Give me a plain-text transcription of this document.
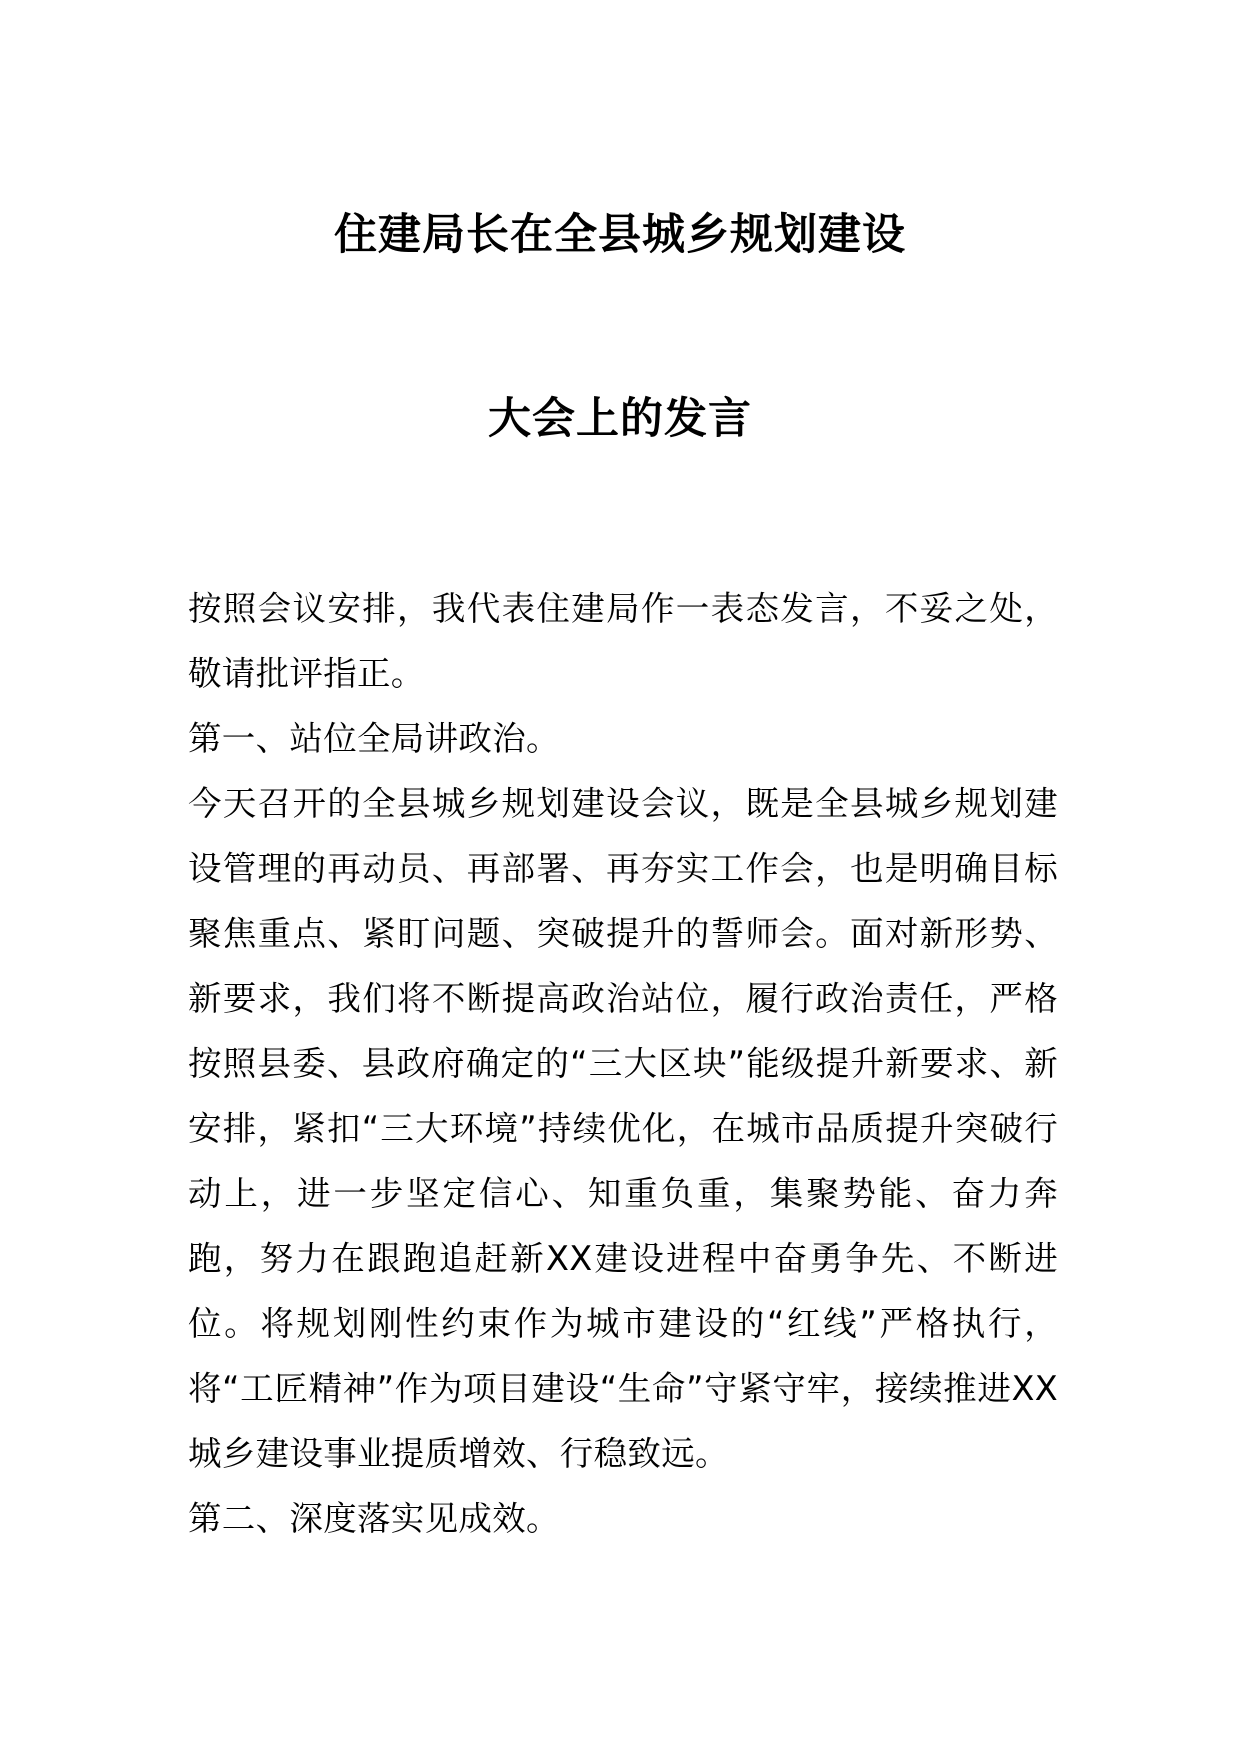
住建局长在全县城乡规划建设
大会上的发言

按照会议安排，我代表住建局作一表态发言，不妥之处，敬请批评指正。

第一、站位全局讲政治。

今天召开的全县城乡规划建设会议，既是全县城乡规划建设管理的再动员、再部署、再夯实工作会，也是明确目标聚焦重点、紧盯问题、突破提升的誓师会。面对新形势、新要求，我们将不断提高政治站位，履行政治责任，严格按照县委、县政府确定的“三大区块”能级提升新要求、新安排，紧扣“三大环境”持续优化，在城市品质提升突破行动上，进一步坚定信心、知重负重，集聚势能、奋力奔跑，努力在跟跑追赶新XX建设进程中奋勇争先、不断进位。将规划刚性约束作为城市建设的“红线”严格执行，将“工匠精神”作为项目建设“生命”守紧守牢，接续推进XX城乡建设事业提质增效、行稳致远。

第二、深度落实见成效。
